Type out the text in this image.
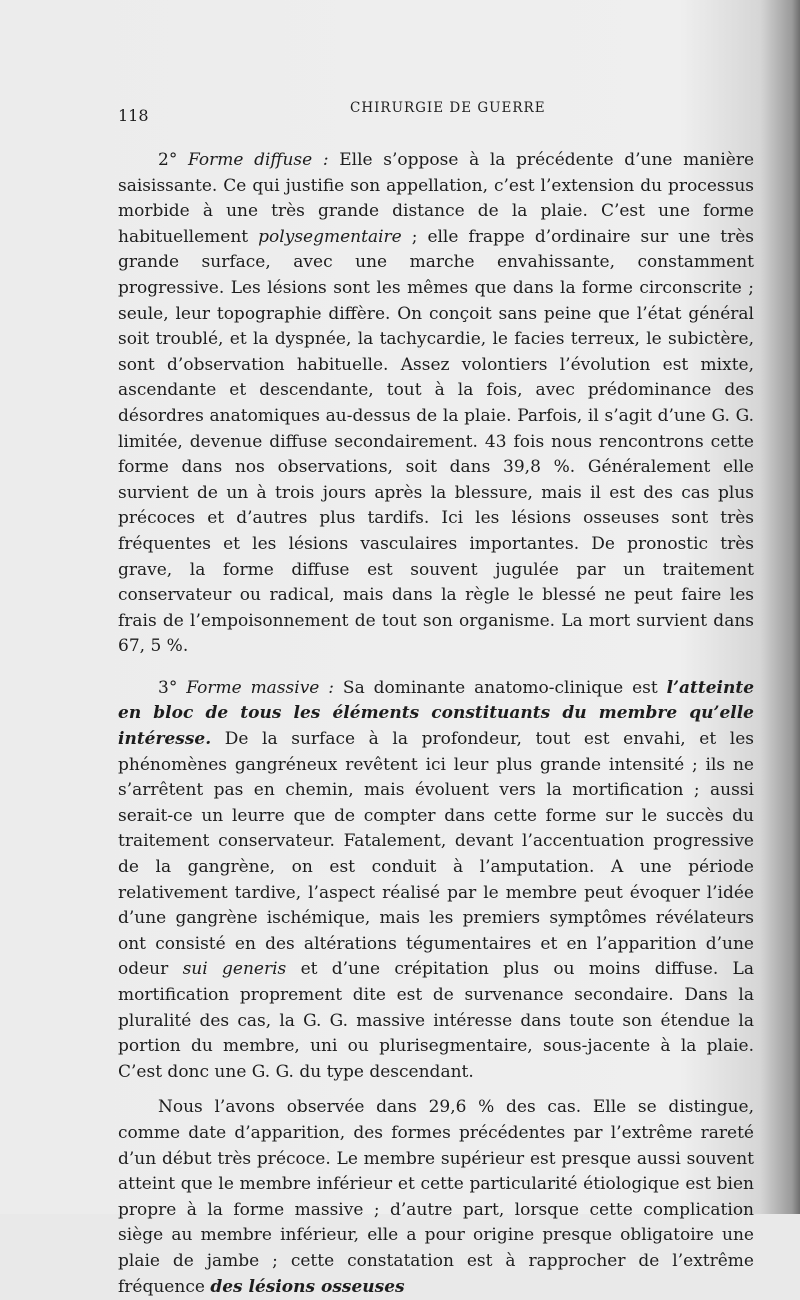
118	CHIRURGIE DE GUERRE

2° Forme diffuse : Elle s’oppose à la précédente d’une manière saisissante. Ce qui justifie son appellation, c’est l’extension du processus morbide à une très grande distance de la plaie. C’est une forme habituellement polysegmentaire ; elle frappe d’ordinaire sur une très grande surface, avec une marche envahissante, constamment progressive. Les lésions sont les mêmes que dans la forme circonscrite ; seule, leur topographie diffère. On conçoit sans peine que l’état général soit troublé, et la dyspnée, la tachycardie, le facies terreux, le subictère, sont d’observation habituelle. Assez volontiers l’évolution est mixte, ascendante et descendante, tout à la fois, avec prédominance des désordres anatomiques au-dessus de la plaie. Parfois, il s’agit d’une G. G. limitée, devenue diffuse secondairement. 43 fois nous rencontrons cette forme dans nos observations, soit dans 39,8 %. Généralement elle survient de un à trois jours après la blessure, mais il est des cas plus précoces et d’autres plus tardifs. Ici les lésions osseuses sont très fréquentes et les lésions vasculaires importantes. De pronostic très grave, la forme diffuse est souvent jugulée par un traitement conservateur ou radical, mais dans la règle le blessé ne peut faire les frais de l’empoisonnement de tout son organisme. La mort survient dans 67, 5 %.

3° Forme massive : Sa dominante anatomo-clinique est l’atteinte en bloc de tous les éléments constituants du membre qu’elle intéresse. De la surface à la profondeur, tout est envahi, et les phénomènes gangréneux revêtent ici leur plus grande intensité ; ils ne s’arrêtent pas en chemin, mais évoluent vers la mortification ; aussi serait-ce un leurre que de compter dans cette forme sur le succès du traitement conservateur. Fatalement, devant l’accentuation progressive de la gangrène, on est conduit à l’amputation. A une période relativement tardive, l’aspect réalisé par le membre peut évoquer l’idée d’une gangrène ischémique, mais les premiers symptômes révélateurs ont consisté en des altérations tégumentaires et en l’apparition d’une odeur sui generis et d’une crépitation plus ou moins diffuse. La mortification proprement dite est de survenance secondaire. Dans la pluralité des cas, la G. G. massive intéresse dans toute son étendue la portion du membre, uni ou plurisegmentaire, sous-jacente à la plaie. C’est donc une G. G. du type descendant.

Nous l’avons observée dans 29,6 % des cas. Elle se distingue, comme date d’apparition, des formes précédentes par l’extrême rareté d’un début très précoce. Le membre supérieur est presque aussi souvent atteint que le membre inférieur et cette particularité étiologique est bien propre à la forme massive ; d’autre part, lorsque cette complication siège au membre inférieur, elle a pour origine presque obligatoire une plaie de jambe ; cette constatation est à rapprocher de l’extrême fréquence des lésions osseuses
